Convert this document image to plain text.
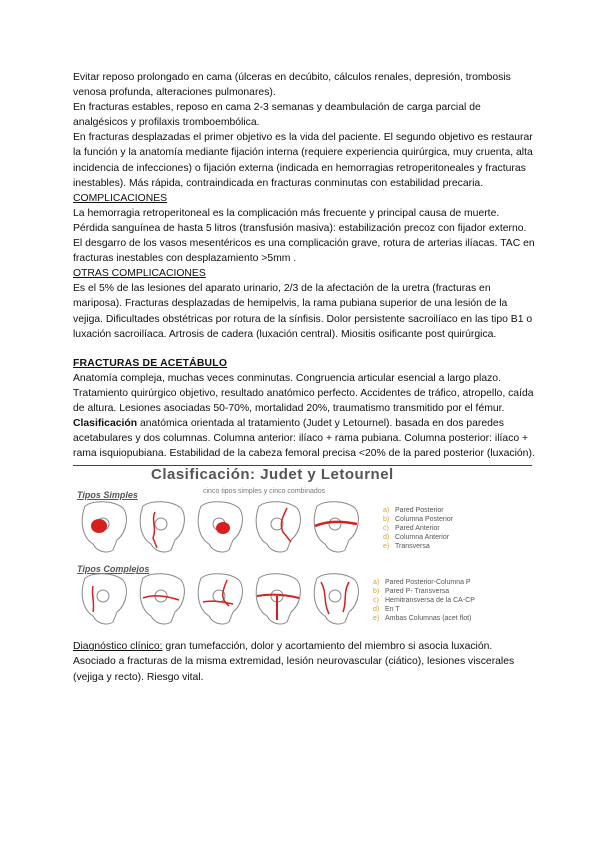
Evitar reposo prolongado en cama (úlceras en decúbito, cálculos renales, depresión, trombosis venosa profunda, alteraciones pulmonares).

En fracturas estables, reposo en cama 2-3 semanas y deambulación de carga parcial de analgésicos y profilaxis tromboembólica.

En fracturas desplazadas el primer objetivo es la vida del paciente. El segundo objetivo es restaurar la función y la anatomía mediante fijación interna (requiere experiencia quirúrgica, muy cruenta, alta incidencia de infecciones) o fijación externa (indicada en hemorragias retroperitoneales y fracturas inestables). Más rápida, contraindicada en fracturas conminutas con estabilidad precaria.

COMPLICACIONES

La hemorragia retroperitoneal es la complicación más frecuente y principal causa de muerte. Pérdida sanguínea de hasta 5 litros (transfusión masiva): estabilización precoz con fijador externo. El desgarro de los vasos mesentéricos es una complicación grave, rotura de arterias ilíacas. TAC en fracturas inestables con desplazamiento >5mm .

OTRAS COMPLICACIONES

Es el 5% de las lesiones del aparato urinario, 2/3 de la afectación de la uretra (fracturas en mariposa). Fracturas desplazadas de hemipelvis, la rama pubiana superior de una lesión de la vejiga. Dificultades obstétricas por rotura de la sínfisis. Dolor persistente sacroilíaco en las tipo B1 o luxación sacroilíaca. Artrosis de cadera (luxación central). Miositis osificante post quirúrgica.

FRACTURAS DE ACETÁBULO

Anatomía compleja, muchas veces conminutas. Congruencia articular esencial a largo plazo. Tratamiento quirúrgico objetivo, resultado anatómico perfecto. Accidentes de tráfico, atropello, caída de altura. Lesiones asociadas 50-70%, mortalidad 20%, traumatismo transmitido por el fémur.

Clasificación anatómica orientada al tratamiento (Judet y Letournel). basada en dos paredes acetabulares y dos columnas. Columna anterior: ilíaco + rama pubiana. Columna posterior: ilíaco + rama isquiopubiana. Estabilidad de la cabeza femoral precisa <20% de la pared posterior (luxación).

Clasificación: Judet y Letournel
cinco tipos simples y cinco combinados
Tipos Simples
Tipos Complejos
a) Pared Posterior
b) Columna Posterior
c) Pared Anterior
d) Columna Anterior
e) Transversa
a) Pared Posterior-Columna P
b) Pared P- Transversa
c) Hemitransversa de la CA-CP
d) En T
e) Ambas Columnas (acet flot)

Diagnóstico clínico: gran tumefacción, dolor y acortamiento del miembro si asocia luxación. Asociado a fracturas de la misma extremidad, lesión neurovascular (ciático), lesiones viscerales (vejiga y recto). Riesgo vital.
